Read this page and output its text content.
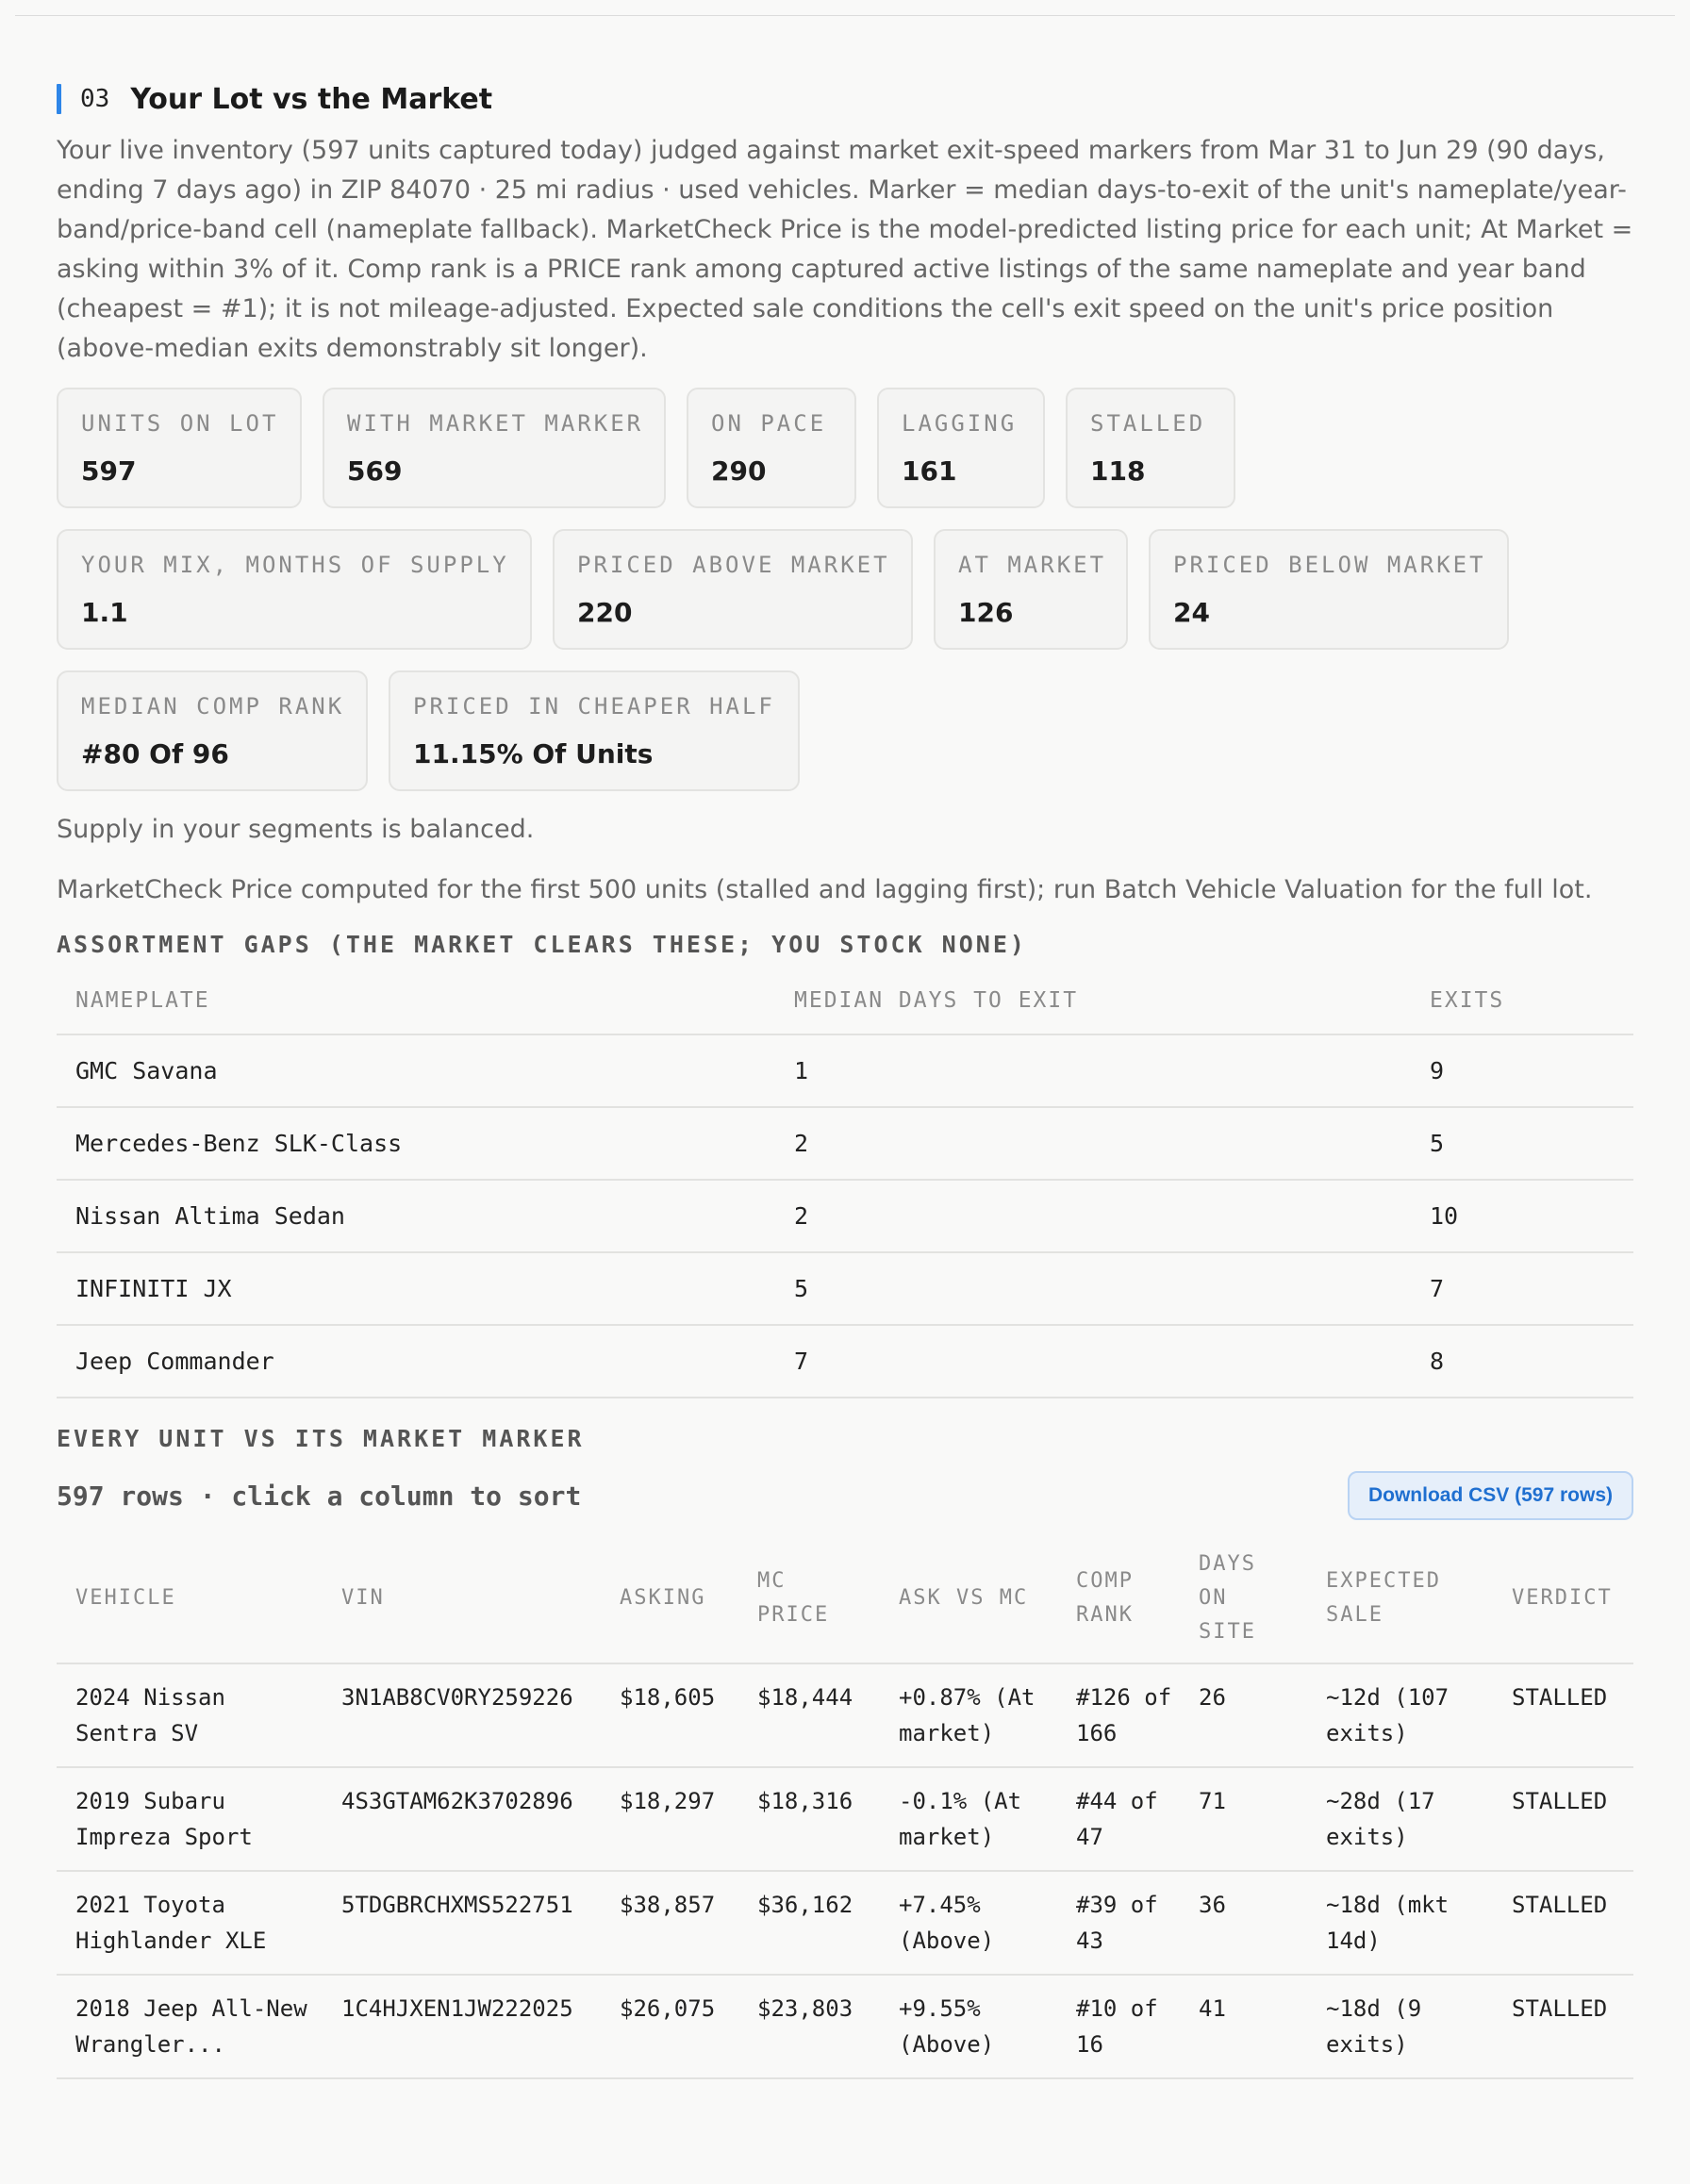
03 Your Lot vs the Market
Your live inventory (597 units captured today) judged against market exit-speed markers from Mar 31 to Jun 29 (90 days, ending 7 days ago) in ZIP 84070 · 25 mi radius · used vehicles. Marker = median days-to-exit of the unit's nameplate/year-band/price-band cell (nameplate fallback). MarketCheck Price is the model-predicted listing price for each unit; At Market = asking within 3% of it. Comp rank is a PRICE rank among captured active listings of the same nameplate and year band (cheapest = #1); it is not mileage-adjusted. Expected sale conditions the cell's exit speed on the unit's price position (above-median exits demonstrably sit longer).
UNITS ON LOT
597
WITH MARKET MARKER
569
ON PACE
290
LAGGING
161
STALLED
118
YOUR MIX, MONTHS OF SUPPLY
1.1
PRICED ABOVE MARKET
220
AT MARKET
126
PRICED BELOW MARKET
24
MEDIAN COMP RANK
#80 Of 96
PRICED IN CHEAPER HALF
11.15% Of Units
Supply in your segments is balanced.
MarketCheck Price computed for the first 500 units (stalled and lagging first); run Batch Vehicle Valuation for the full lot.
ASSORTMENT GAPS (THE MARKET CLEARS THESE; YOU STOCK NONE)
NAMEPLATE	MEDIAN DAYS TO EXIT	EXITS
GMC Savana	1	9
Mercedes-Benz SLK-Class	2	5
Nissan Altima Sedan	2	10
INFINITI JX	5	7
Jeep Commander	7	8
EVERY UNIT VS ITS MARKET MARKER
597 rows · click a column to sort	Download CSV (597 rows)
VEHICLE	VIN	ASKING	MC PRICE	ASK VS MC	COMP RANK	DAYS ON SITE	EXPECTED SALE	VERDICT
2024 Nissan Sentra SV	3N1AB8CV0RY259226	$18,605	$18,444	+0.87% (At market)	#126 of 166	26	~12d (107 exits)	STALLED
2019 Subaru Impreza Sport	4S3GTAM62K3702896	$18,297	$18,316	-0.1% (At market)	#44 of 47	71	~28d (17 exits)	STALLED
2021 Toyota Highlander XLE	5TDGBRCHXMS522751	$38,857	$36,162	+7.45% (Above)	#39 of 43	36	~18d (mkt 14d)	STALLED
2018 Jeep All-New Wrangler...	1C4HJXEN1JW222025	$26,075	$23,803	+9.55% (Above)	#10 of 16	41	~18d (9 exits)	STALLED
